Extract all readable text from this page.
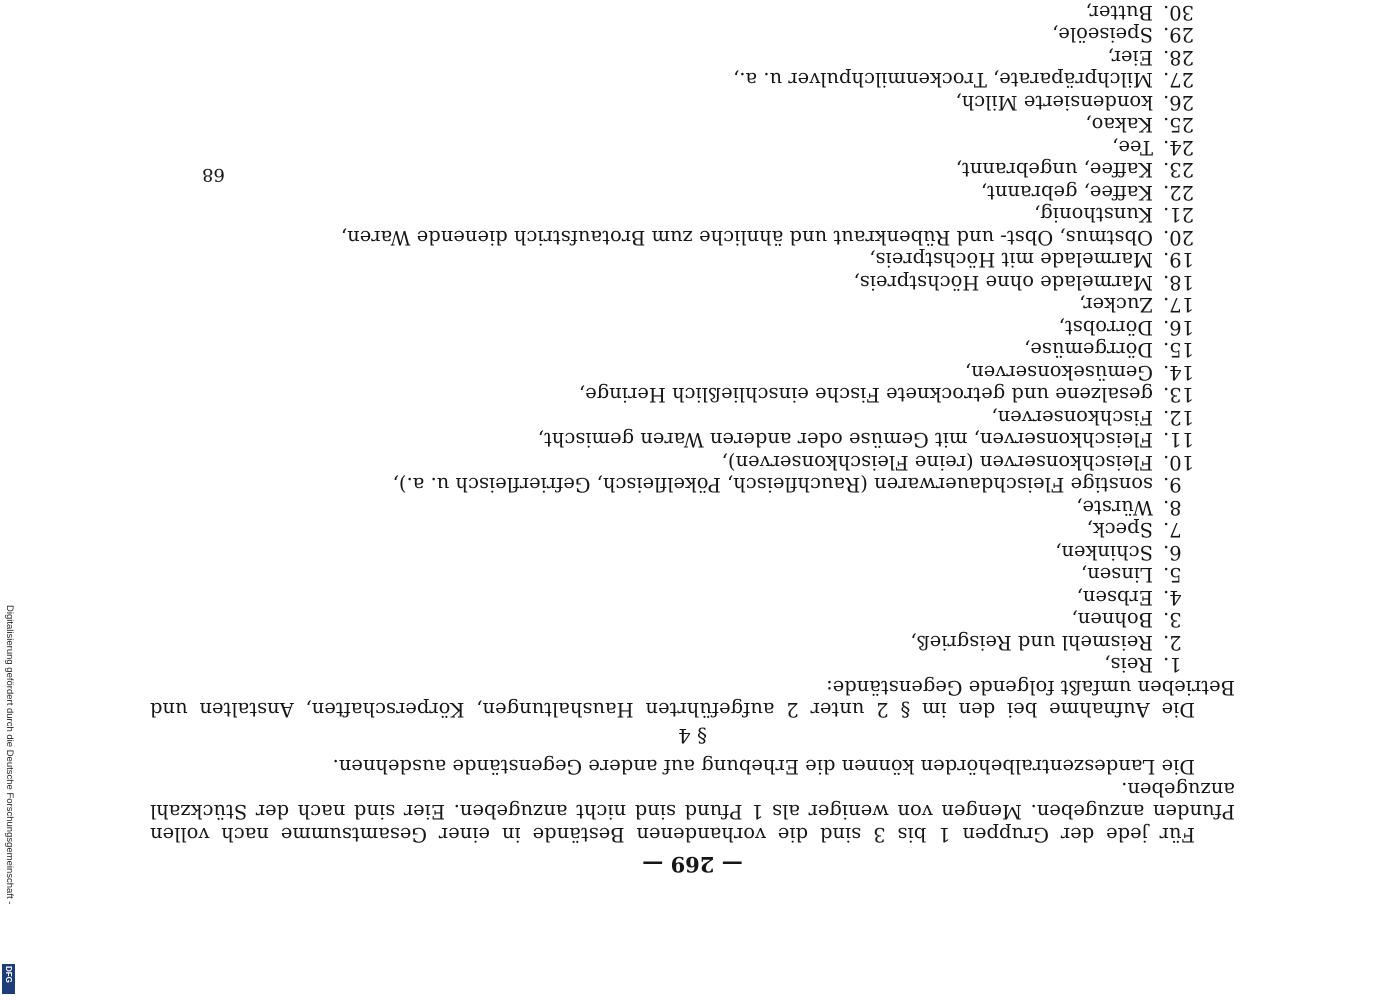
Digitalisierung gefördert durch die Deutsche Forschungsgemeinschaft -
DFG
— 269 —

Für jede der Gruppen 1 bis 3 sind die vorhandenen Bestände in einer Gesamtsumme nach vollen Pfunden anzugeben. Mengen von weniger als 1 Pfund sind nicht anzugeben. Eier sind nach der Stückzahl anzugeben.

Die Landeszentralbehörden können die Erhebung auf andere Gegenstände ausdehnen.

§ 4

Die Aufnahme bei den im § 2 unter 2 aufgeführten Haushaltungen, Körperschaften, Anstalten und Betrieben umfaßt folgende Gegenstände:

1.Reis,
2.Reismehl und Reisgrieß,
3.Bohnen,
4.Erbsen,
5.Linsen,
6.Schinken,
7.Speck,
8.Würste,
9.sonstige Fleischdauerwaren (Rauchfleisch, Pökelfleisch, Gefrierfleisch u. a.),
10.Fleischkonserven (reine Fleischkonserven),
11.Fleischkonserven, mit Gemüse oder anderen Waren gemischt,
12.Fischkonserven,
13.gesalzene und getrocknete Fische einschließlich Heringe,
14.Gemüsekonserven,
15.Dörrgemüse,
16.Dörrobst,
17.Zucker,
18.Marmelade ohne Höchstpreis,
19.Marmelade mit Höchstpreis,
20.Obstmus, Obst- und Rübenkraut und ähnliche zum Brotaufstrich dienende Waren,
21.Kunsthonig,
22.Kaffee, gebrannt,
23.Kaffee, ungebrannt,
24.Tee,
25.Kakao,
26.kondensierte Milch,
27.Milchpräparate, Trockenmilchpulver u. a.,
28.Eier,
29.Speiseöle,
30.Butter,

68
